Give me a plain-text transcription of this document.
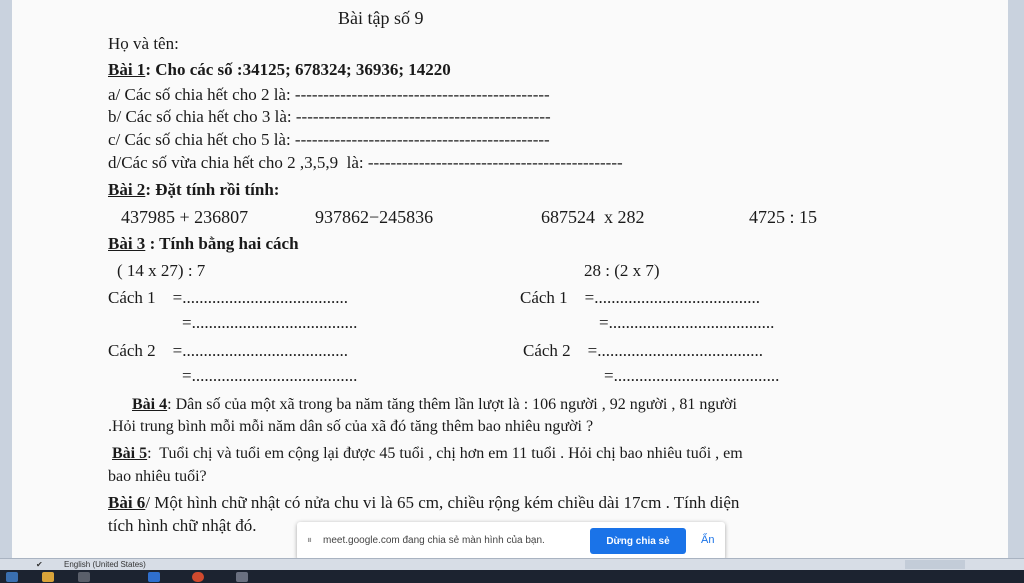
Bài tập số 9
Họ và tên:
Bài 1: Cho các số :34125; 678324; 36936; 14220
a/ Các số chia hết cho 2 là: ---------------------------------------------
b/ Các số chia hết cho 3 là: ---------------------------------------------
c/ Các số chia hết cho 5 là: ---------------------------------------------
d/Các số vừa chia hết cho 2 ,3,5,9  là: ---------------------------------------------
Bài 2: Đặt tính rồi tính:
437985 + 236807	937862−245836	687524  x 282	4725 : 15
Bài 3 : Tính bằng hai cách
( 14 x 27) : 7	28 : (2 x 7)
Cách 1    =.......................................
=.......................................
Cách 2    =.......................................
=.......................................
Cách 1    =.......................................
=.......................................
Cách 2    =.......................................
=.......................................
Bài 4: Dân số của một xã trong ba năm tăng thêm lần lượt là : 106 người , 92 người , 81 người
.Hỏi trung bình mỗi mỗi năm dân số của xã đó tăng thêm bao nhiêu người ?
Bài 5:  Tuổi chị và tuổi em cộng lại được 45 tuổi , chị hơn em 11 tuổi . Hỏi chị bao nhiêu tuổi , em
bao nhiêu tuổi?
Bài 6/ Một hình chữ nhật có nửa chu vi là 65 cm, chiều rộng kém chiều dài 17cm . Tính diện
tích hình chữ nhật đó.
⏸ meet.google.com đang chia sẻ màn hình của bạn.	Dừng chia sẻ	Ẩn
✔	English (United States)
